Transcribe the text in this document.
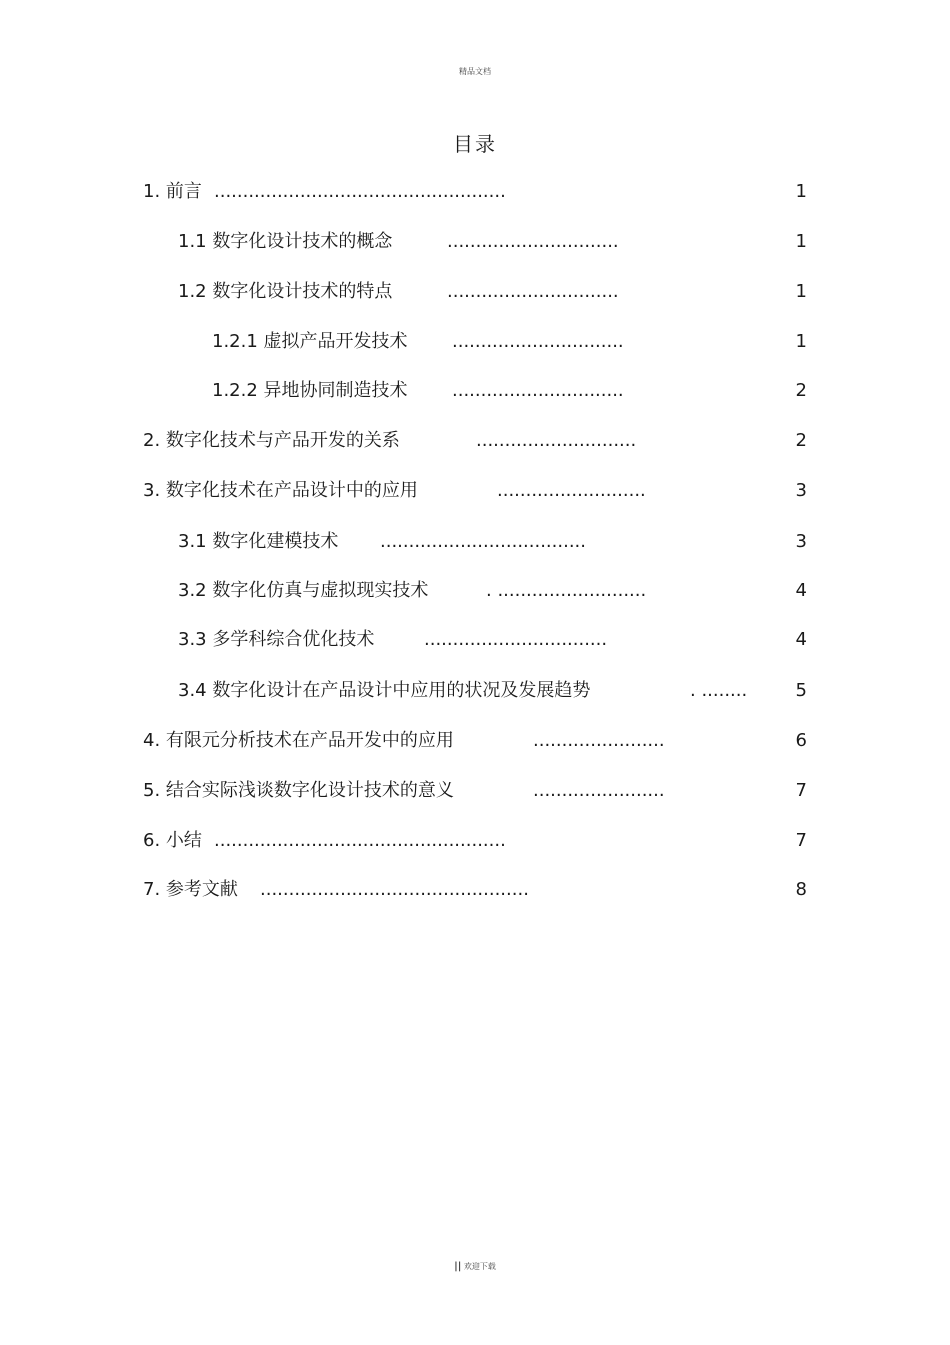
精品文档
目录
1. 前言 ...................................................	1
1.1 数字化设计技术的概念	..............................	1
1.2 数字化设计技术的特点	..............................	1
1.2.1 虚拟产品开发技术 ..............................	1
1.2.2 异地协同制造技术 ..............................	2
2. 数字化技术与产品开发的关系	............................	2
3. 数字化技术在产品设计中的应用	..........................	3
3.1 数字化建模技术 ....................................	3
3.2 数字化仿真与虚拟现实技术	. ..........................	4
3.3 多学科综合优化技术	................................	4
3.4 数字化设计在产品设计中应用的状况及发展趋势	. ........	5
4. 有限元分析技术在产品开发中的应用	.......................	6
5. 结合实际浅谈数字化设计技术的意义	.......................	7
6. 小结 ...................................................	7
7. 参考文献 ...............................................	8
|| 欢迎下载
